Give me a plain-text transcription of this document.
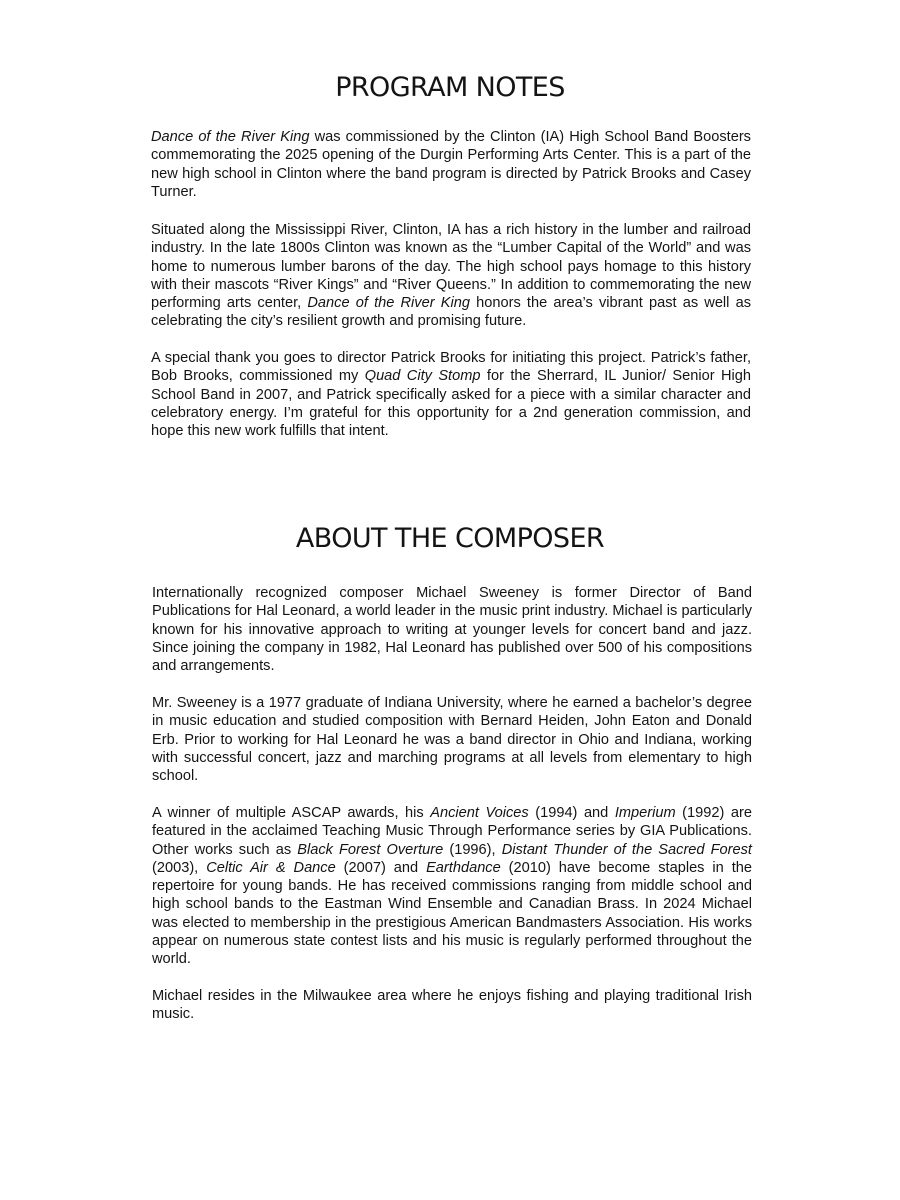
PROGRAM NOTES

Dance of the River King was commissioned by the Clinton (IA) High School Band Boosters commemorating the 2025 opening of the Durgin Performing Arts Center. This is a part of the new high school in Clinton where the band program is directed by Patrick Brooks and Casey Turner.

Situated along the Mississippi River, Clinton, IA has a rich history in the lumber and railroad industry. In the late 1800s Clinton was known as the “Lumber Capital of the World” and was home to numerous lumber barons of the day. The high school pays homage to this history with their mascots “River Kings” and “River Queens.” In addition to commemorating the new performing arts center, Dance of the River King honors the area’s vibrant past as well as celebrating the city’s resilient growth and promising future.

A special thank you goes to director Patrick Brooks for initiating this project. Patrick’s father, Bob Brooks, commissioned my Quad City Stomp for the Sherrard, IL Junior/ Senior High School Band in 2007, and Patrick specifically asked for a piece with a similar character and celebratory energy. I’m grateful for this opportunity for a 2nd generation commission, and hope this new work fulfills that intent.

ABOUT THE COMPOSER

Internationally recognized composer Michael Sweeney is former Director of Band Publications for Hal Leonard, a world leader in the music print industry. Michael is particularly known for his innovative approach to writing at younger levels for concert band and jazz. Since joining the company in 1982, Hal Leonard has published over 500 of his compositions and arrangements.

Mr. Sweeney is a 1977 graduate of Indiana University, where he earned a bachelor’s degree in music education and studied composition with Bernard Heiden, John Eaton and Donald Erb. Prior to working for Hal Leonard he was a band director in Ohio and Indiana, working with successful concert, jazz and marching programs at all levels from elementary to high school.

A winner of multiple ASCAP awards, his Ancient Voices (1994) and Imperium (1992) are featured in the acclaimed Teaching Music Through Performance series by GIA Publications. Other works such as Black Forest Overture (1996), Distant Thunder of the Sacred Forest (2003), Celtic Air & Dance (2007) and Earthdance (2010) have become staples in the repertoire for young bands. He has received commissions ranging from middle school and high school bands to the Eastman Wind Ensemble and Canadian Brass. In 2024 Michael was elected to membership in the prestigious American Bandmasters Association. His works appear on numerous state contest lists and his music is regularly performed throughout the world.

Michael resides in the Milwaukee area where he enjoys fishing and playing traditional Irish music.
